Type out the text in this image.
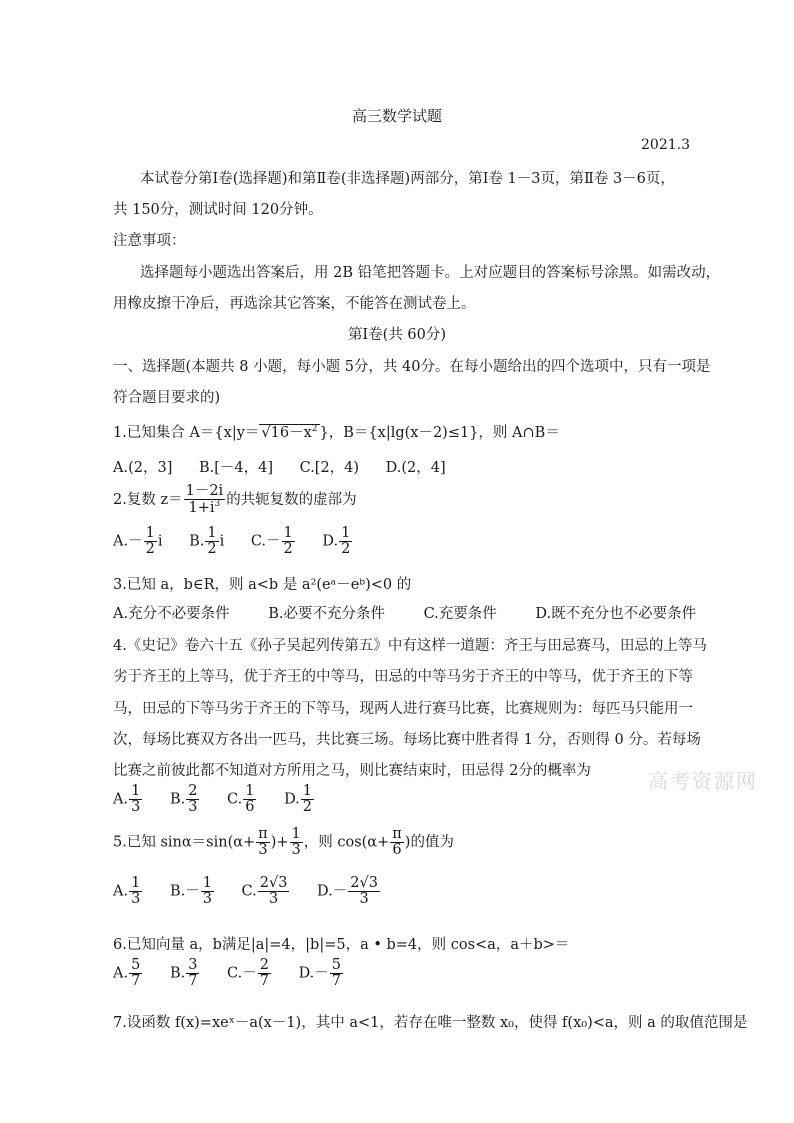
高三数学试题
2021.3
本试卷分第Ⅰ卷(选择题)和第Ⅱ卷(非选择题)两部分，第Ⅰ卷 1－3页，第Ⅱ卷 3－6页，
共 150分，测试时间 120分钟。
注意事项：
选择题每小题选出答案后，用 2B 铅笔把答题卡。上对应题目的答案标号涂黑。如需改动，
用橡皮擦干净后，再选涂其它答案，不能答在测试卷上。
第Ⅰ卷(共 60分)
一、选择题(本题共 8 小题，每小题 5分，共 40分。在每小题给出的四个选项中，只有一项是
符合题目要求的)
1.已知集合 $A=\{x|y= √16-x^2$ }，B＝{x|lg(x－2)≤1}，则 A∩B＝
A.(2，3] B.[－4，4] C.[2，4) D.(2，4]
2.复数 $z= \frac{1-2i}{1+i^3}$ 的共轭复数的虚部为
$A.- \frac{1}{2}$ i B. $\frac{1}{2}$ i $C.- \frac{1}{2} D$. $\frac{1}{2}$
3.已知 a，b∈R，则 a<b 是 a²(eᵃ－eᵇ)<0 的
A.充分不必要条件	B.必要不充分条件	C.充要条件	D.既不充分也不必要条件
4.《史记》卷六十五《孙子吴起列传第五》中有这样一道题：齐王与田忌赛马，田忌的上等马
劣于齐王的上等马，优于齐王的中等马，田忌的中等马劣于齐王的中等马，优于齐王的下等
马，田忌的下等马劣于齐王的下等马，现两人进行赛马比赛，比赛规则为：每匹马只能用一
次，每场比赛双方各出一匹马，共比赛三场。每场比赛中胜者得 1 分，否则得 0 分。若每场
比赛之前彼此都不知道对方所用之马，则比赛结束时，田忌得 2分的概率为	高考资源网
A. $\frac{1}{3} B$. $\frac{2}{3} C$. $\frac{1}{6} D$. $\frac{1}{2}$
5.已知 $\sin\alpha=\sin(\alpha+ \frac{\pi}{3}$ )+ $\frac{1}{3}$ ，则 $\cos(\alpha+ \frac{\pi}{6}$ )的值为
A. $\frac{1}{3} B.- \frac{1}{3} C$. $\frac{2√3}{3} D.- \frac{2√3}{3}$
6.已知向量 a，b满足|a|=4，|b|=5，a • b=4，则 cos<a，a＋b>＝
A. $\frac{5}{7} B$. $\frac{3}{7} C.- \frac{2}{7} D.- \frac{5}{7}$
7.设函数 f(x)=xeˣ－a(x－1)，其中 a<1，若存在唯一整数 x₀，使得 f(x₀)<a，则 a 的取值范围是
